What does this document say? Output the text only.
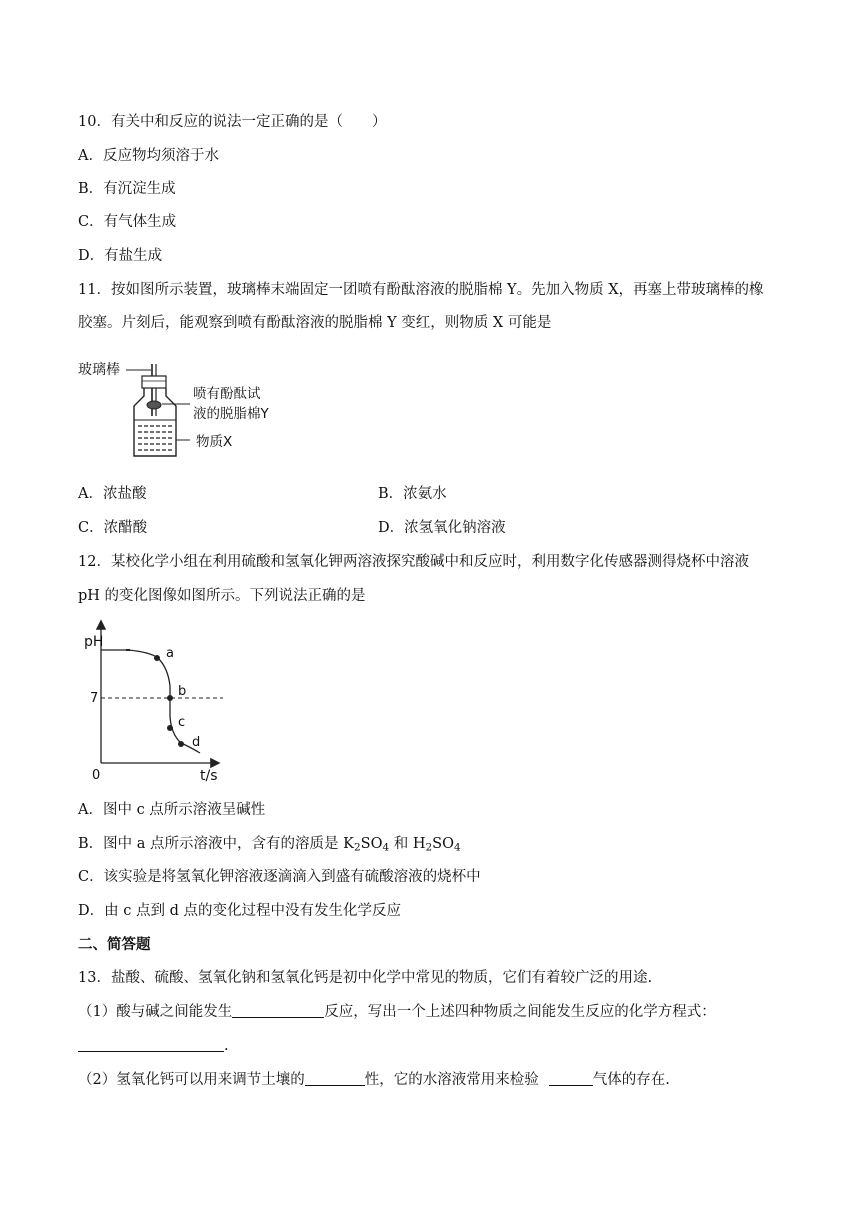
10．有关中和反应的说法一定正确的是（　　）
A．反应物均须溶于水
B．有沉淀生成
C．有气体生成
D．有盐生成
11．按如图所示装置，玻璃棒末端固定一团喷有酚酞溶液的脱脂棉 Y。先加入物质 X，再塞上带玻璃棒的橡
胶塞。片刻后，能观察到喷有酚酞溶液的脱脂棉 Y 变红，则物质 X 可能是
玻璃棒
喷有酚酞试
液的脱脂棉Y
物质X
A．浓盐酸	B．浓氨水
C．浓醋酸	D．浓氢氧化钠溶液
12．某校化学小组在利用硫酸和氢氧化钾两溶液探究酸碱中和反应时，利用数字化传感器测得烧杯中溶液
pH 的变化图像如图所示。下列说法正确的是
pH
7
0	t/s
a
b
c
d
A．图中 c 点所示溶液呈碱性
B．图中 a 点所示溶液中，含有的溶质是 $K_2SO_4$ 和 $H_2SO_4$
C．该实验是将氢氧化钾溶液逐滴滴入到盛有硫酸溶液的烧杯中
D．由 c 点到 d 点的变化过程中没有发生化学反应
二、简答题
13．盐酸、硫酸、氢氧化钠和氢氧化钙是初中化学中常见的物质，它们有着较广泛的用途.
（1）酸与碱之间能发生	反应，写出一个上述四种物质之间能发生反应的化学方程式：
.
（2）氢氧化钙可以用来调节土壤的	性，它的水溶液常用来检验	气体的存在.
